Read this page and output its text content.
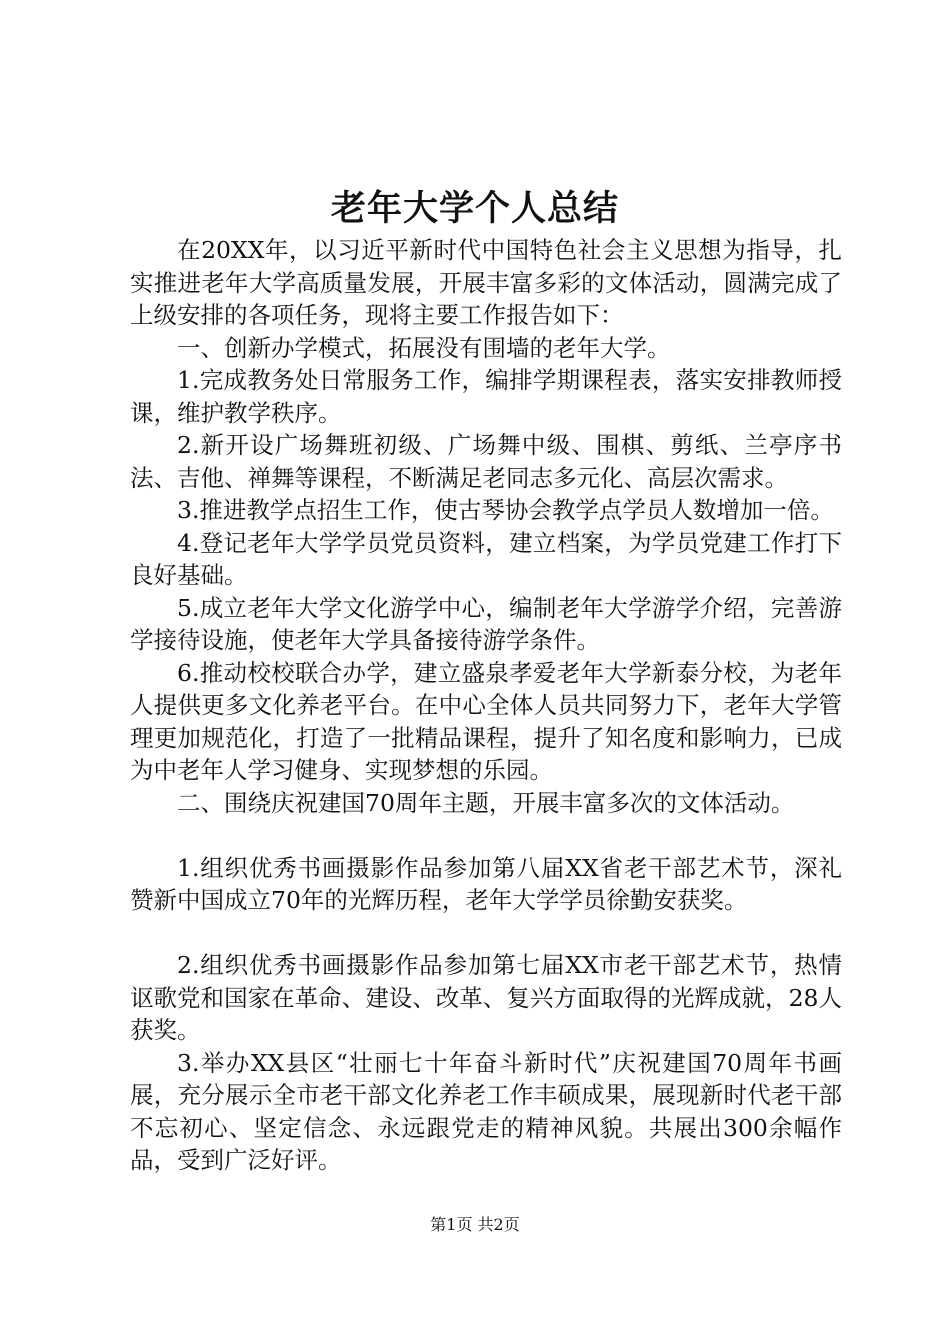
老年大学个人总结

在20XX年，以习近平新时代中国特色社会主义思想为指导，扎实推进老年大学高质量发展，开展丰富多彩的文体活动，圆满完成了上级安排的各项任务，现将主要工作报告如下：

一、创新办学模式，拓展没有围墙的老年大学。

1.完成教务处日常服务工作，编排学期课程表，落实安排教师授课，维护教学秩序。

2.新开设广场舞班初级、广场舞中级、围棋、剪纸、兰亭序书法、吉他、禅舞等课程，不断满足老同志多元化、高层次需求。

3.推进教学点招生工作，使古琴协会教学点学员人数增加一倍。

4.登记老年大学学员党员资料，建立档案，为学员党建工作打下良好基础。

5.成立老年大学文化游学中心，编制老年大学游学介绍，完善游学接待设施，使老年大学具备接待游学条件。

6.推动校校联合办学，建立盛泉孝爱老年大学新泰分校，为老年人提供更多文化养老平台。在中心全体人员共同努力下，老年大学管理更加规范化，打造了一批精品课程，提升了知名度和影响力，已成为中老年人学习健身、实现梦想的乐园。

二、围绕庆祝建国70周年主题，开展丰富多次的文体活动。

1.组织优秀书画摄影作品参加第八届XX省老干部艺术节，深礼赞新中国成立70年的光辉历程，老年大学学员徐勤安获奖。

2.组织优秀书画摄影作品参加第七届XX市老干部艺术节，热情讴歌党和国家在革命、建设、改革、复兴方面取得的光辉成就，28人获奖。

3.举办XX县区“壮丽七十年奋斗新时代”庆祝建国70周年书画展，充分展示全市老干部文化养老工作丰硕成果，展现新时代老干部不忘初心、坚定信念、永远跟党走的精神风貌。共展出300余幅作品，受到广泛好评。

第1页 共2页
